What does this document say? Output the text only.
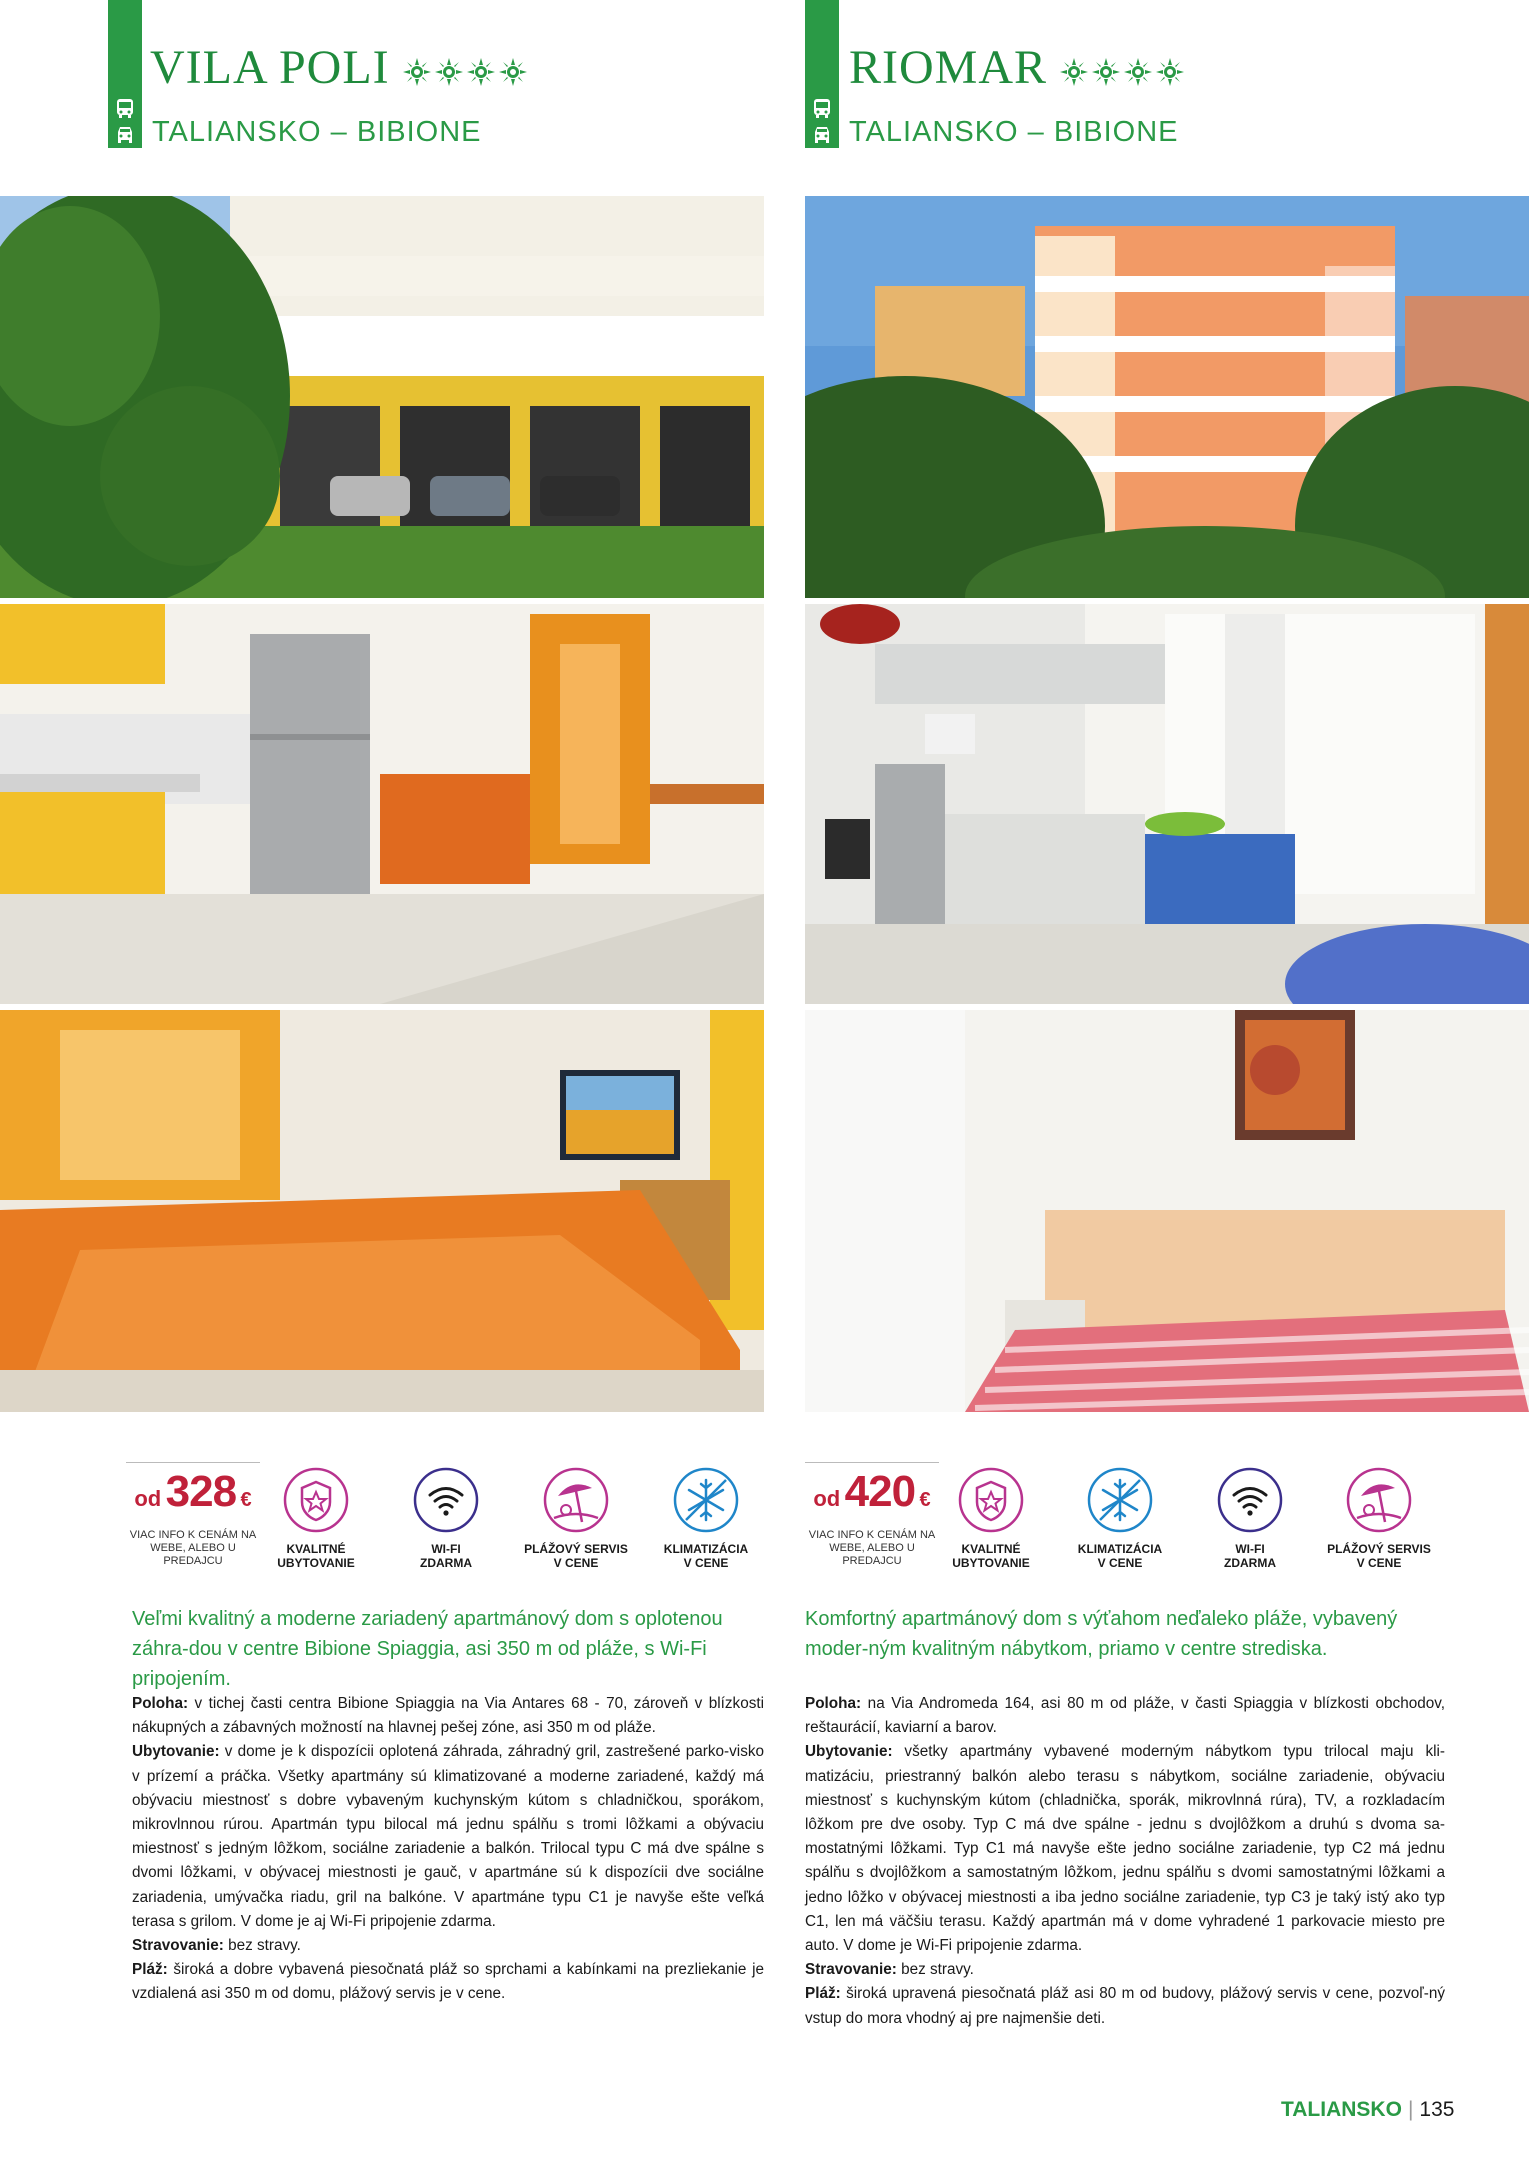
VILA POLI
TALIANSKO – BIBIONE
od 328 €
VIAC INFO K CENÁM NA WEBE, ALEBO U PREDAJCU
KVALITNÉ
UBYTOVANIE
WI-FI
ZDARMA
PLÁŽOVÝ SERVIS
V CENE
KLIMATIZÁCIA
V CENE
Veľmi kvalitný a moderne zariadený apartmánový dom s oplotenou záhra-dou v centre Bibione Spiaggia, asi 350 m od pláže, s Wi-Fi pripojením.

Poloha: v tichej časti centra Bibione Spiaggia na Via Antares 68 - 70, zároveň v blízkosti nákupných a zábavných možností na hlavnej pešej zóne, asi 350 m od pláže.

Ubytovanie: v dome je k dispozícii oplotená záhrada, záhradný gril, zastrešené parko-visko v prízemí a práčka. Všetky apartmány sú klimatizované a moderne zariadené, každý má obývaciu miestnosť s dobre vybaveným kuchynským kútom s chladničkou, sporákom, mikrovlnnou rúrou. Apartmán typu bilocal má jednu spálňu s tromi lôžkami a obývaciu miestnosť s jedným lôžkom, sociálne zariadenie a balkón. Trilocal typu C má dve spálne s dvomi lôžkami, v obývacej miestnosti je gauč, v apartmáne sú k dispozícii dve sociálne zariadenia, umývačka riadu, gril na balkóne. V apartmáne typu C1 je navyše ešte veľká terasa s grilom. V dome je aj Wi-Fi pripojenie zdarma.

Stravovanie: bez stravy.

Pláž: široká a dobre vybavená piesočnatá pláž so sprchami a kabínkami na prezliekanie je vzdialená asi 350 m od domu, plážový servis je v cene.

RIOMAR
TALIANSKO – BIBIONE
od 420 €
VIAC INFO K CENÁM NA WEBE, ALEBO U PREDAJCU
KVALITNÉ
UBYTOVANIE
KLIMATIZÁCIA
V CENE
WI-FI
ZDARMA
PLÁŽOVÝ SERVIS
V CENE
Komfortný apartmánový dom s výťahom neďaleko pláže, vybavený moder-ným kvalitným nábytkom, priamo v centre strediska.

Poloha: na Via Andromeda 164, asi 80 m od pláže, v časti Spiaggia v blízkosti obchodov, reštaurácií, kaviarní a barov.

Ubytovanie: všetky apartmány vybavené moderným nábytkom typu trilocal maju kli-matizáciu, priestranný balkón alebo terasu s nábytkom, sociálne zariadenie, obývaciu miestnosť s kuchynským kútom (chladnička, sporák, mikrovlnná rúra), TV, a rozkladacím lôžkom pre dve osoby. Typ C má dve spálne - jednu s dvojlôžkom a druhú s dvoma sa-mostatnými lôžkami. Typ C1 má navyše ešte jedno sociálne zariadenie, typ C2 má jednu spálňu s dvojlôžkom a samostatným lôžkom, jednu spálňu s dvomi samostatnými lôžkami a jedno lôžko v obývacej miestnosti a iba jedno sociálne zariadenie, typ C3 je taký istý ako typ C1, len má väčšiu terasu. Každý apartmán má v dome vyhradené 1 parkovacie miesto pre auto. V dome je Wi-Fi pripojenie zdarma.

Stravovanie: bez stravy.

Pláž: široká upravená piesočnatá pláž asi 80 m od budovy, plážový servis v cene, pozvoľ-ný vstup do mora vhodný aj pre najmenšie deti.

TALIANSKO | 135
